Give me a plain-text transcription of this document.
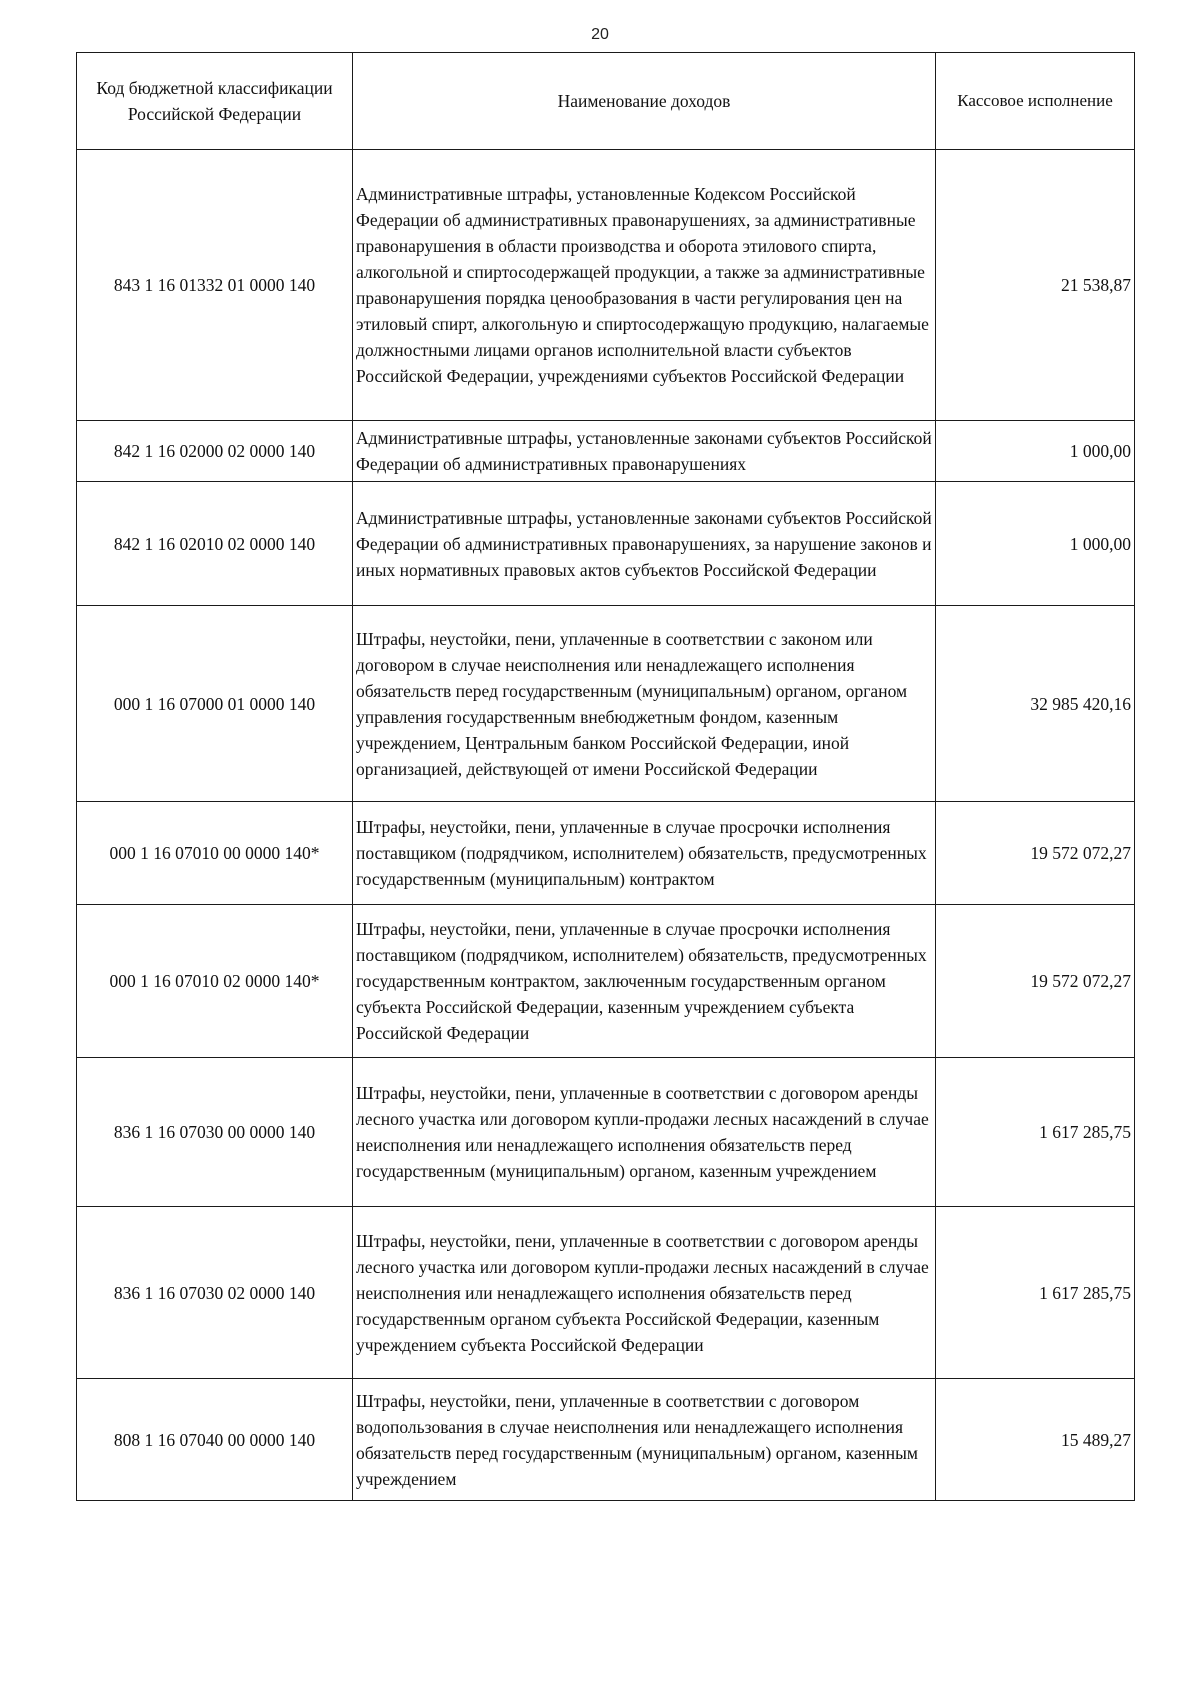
20
Код бюджетной классификации Российской Федерации	Наименование доходов	Кассовое исполнение
843 1 16 01332 01 0000 140	Административные штрафы, установленные Кодексом Российской Федерации об административных правонарушениях, за административные правонарушения в области производства и оборота этилового спирта, алкогольной и спиртосодержащей продукции, а также за административные правонарушения порядка ценообразования в части регулирования цен на этиловый спирт, алкогольную и спиртосодержащую продукцию, налагаемые должностными лицами органов исполнительной власти субъектов Российской Федерации, учреждениями субъектов Российской Федерации	21 538,87
842 1 16 02000 02 0000 140	Административные штрафы, установленные законами субъектов Российской Федерации об административных правонарушениях	1 000,00
842 1 16 02010 02 0000 140	Административные штрафы, установленные законами субъектов Российской Федерации об административных правонарушениях, за нарушение законов и иных нормативных правовых актов субъектов Российской Федерации	1 000,00
000 1 16 07000 01 0000 140	Штрафы, неустойки, пени, уплаченные в соответствии с законом или договором в случае неисполнения или ненадлежащего исполнения обязательств перед государственным (муниципальным) органом, органом управления государственным внебюджетным фондом, казенным учреждением, Центральным банком Российской Федерации, иной организацией, действующей от имени Российской Федерации	32 985 420,16
000 1 16 07010 00 0000 140*	Штрафы, неустойки, пени, уплаченные в случае просрочки исполнения поставщиком (подрядчиком, исполнителем) обязательств, предусмотренных государственным (муниципальным) контрактом	19 572 072,27
000 1 16 07010 02 0000 140*	Штрафы, неустойки, пени, уплаченные в случае просрочки исполнения поставщиком (подрядчиком, исполнителем) обязательств, предусмотренных государственным контрактом, заключенным государственным органом субъекта Российской Федерации, казенным учреждением субъекта Российской Федерации	19 572 072,27
836 1 16 07030 00 0000 140	Штрафы, неустойки, пени, уплаченные в соответствии с договором аренды лесного участка или договором купли-продажи лесных насаждений в случае неисполнения или ненадлежащего исполнения обязательств перед государственным (муниципальным) органом, казенным учреждением	1 617 285,75
836 1 16 07030 02 0000 140	Штрафы, неустойки, пени, уплаченные в соответствии с договором аренды лесного участка или договором купли-продажи лесных насаждений в случае неисполнения или ненадлежащего исполнения обязательств перед государственным органом субъекта Российской Федерации, казенным учреждением субъекта Российской Федерации	1 617 285,75
808 1 16 07040 00 0000 140	Штрафы, неустойки, пени, уплаченные в соответствии с договором водопользования в случае неисполнения или ненадлежащего исполнения обязательств перед государственным (муниципальным) органом, казенным учреждением	15 489,27
